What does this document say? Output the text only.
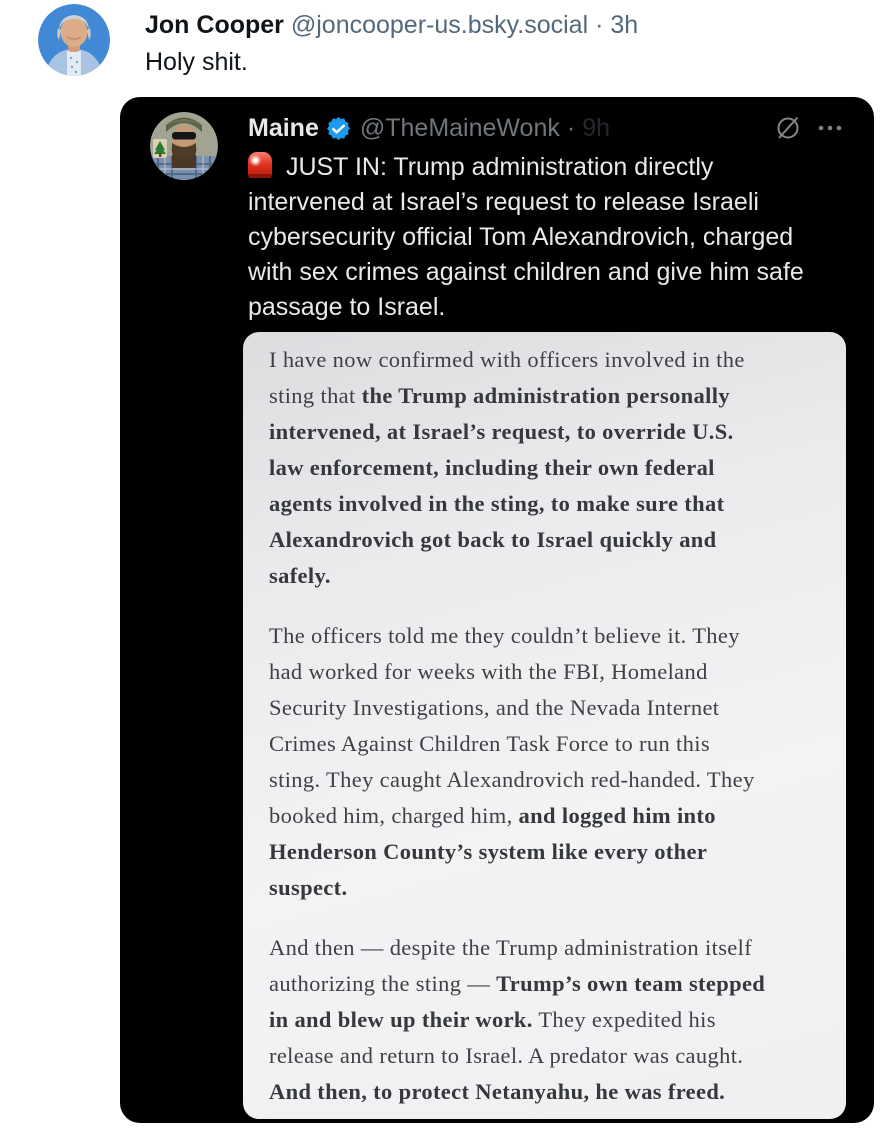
Jon Cooper @joncooper-us.bsky.social · 3h
Holy shit.
Maine @TheMaineWonk · 9h
JUST IN: Trump administration directly
intervened at Israel’s request to release Israeli
cybersecurity official Tom Alexandrovich, charged
with sex crimes against children and give him safe
passage to Israel.
I have now confirmed with officers involved in the
sting that the Trump administration personally
intervened, at Israel’s request, to override U.S.
law enforcement, including their own federal
agents involved in the sting, to make sure that
Alexandrovich got back to Israel quickly and
safely.
The officers told me they couldn’t believe it. They
had worked for weeks with the FBI, Homeland
Security Investigations, and the Nevada Internet
Crimes Against Children Task Force to run this
sting. They caught Alexandrovich red-handed. They
booked him, charged him, and logged him into
Henderson County’s system like every other
suspect.
And then — despite the Trump administration itself
authorizing the sting — Trump’s own team stepped
in and blew up their work. They expedited his
release and return to Israel. A predator was caught.
And then, to protect Netanyahu, he was freed.
